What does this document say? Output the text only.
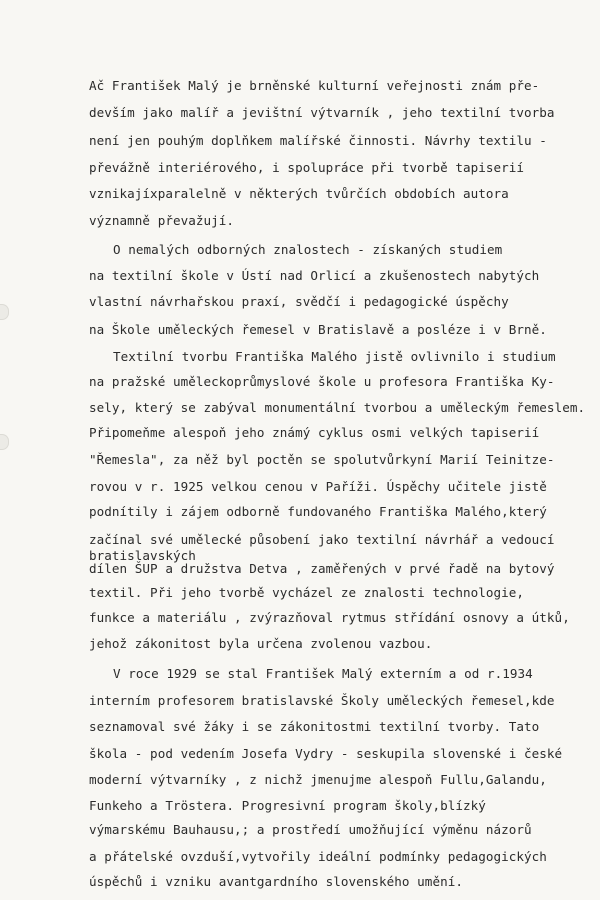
Ač František Malý je brněnské kulturní veřejnosti znám pře-
devším jako malíř a jevištní výtvarník , jeho textilní tvorba
není jen pouhým doplňkem malířské činnosti. Návrhy textilu -
převážně interiérového, i spolupráce při tvorbě tapiserií
vznikajíxparalelně v některých tvůrčích obdobích autora
významně převažují.
O nemalých odborných znalostech - získaných studiem
na textilní škole v Ústí nad Orlicí a zkušenostech nabytých
vlastní návrhařskou praxí, svědčí i pedagogické úspěchy
na Škole uměleckých řemesel v Bratislavě a posléze i v Brně.
Textilní tvorbu Františka Malého jistě ovlivnilo i studium
na pražské uměleckoprůmyslové škole u profesora Františka Ky-
sely, který se zabýval monumentální tvorbou a uměleckým řemeslem.
Připomeňme alespoň jeho známý cyklus osmi velkých tapiserií
"Řemesla", za něž byl poctěn se spolutvůrkyní Marií Teinitze-
rovou v r. 1925 velkou cenou v Paříži. Úspěchy učitele jistě
podnítily i zájem odborně fundovaného Františka Malého,který
začínal své umělecké působení jako textilní návrhář a vedoucí
bratislavských
dílen ŠUP a družstva Detva , zaměřených v prvé řadě na bytový
textil. Při jeho tvorbě vycházel ze znalosti technologie,
funkce a materiálu , zvýrazňoval rytmus střídání osnovy a útků,
jehož zákonitost byla určena zvolenou vazbou.
V roce 1929 se stal František Malý externím a od r.1934
interním profesorem bratislavské Školy uměleckých řemesel,kde
seznamoval své žáky i se zákonitostmi textilní tvorby. Tato
škola - pod vedením Josefa Vydry - seskupila slovenské i české
moderní výtvarníky , z nichž jmenujme alespoň Fullu,Galandu,
Funkeho a Tröstera. Progresivní program školy,blízký
výmarskému Bauhausu,; a prostředí umožňující výměnu názorů
a přátelské ovzduší,vytvořily ideální podmínky pedagogických
úspěchů i vzniku avantgardního slovenského umění.
